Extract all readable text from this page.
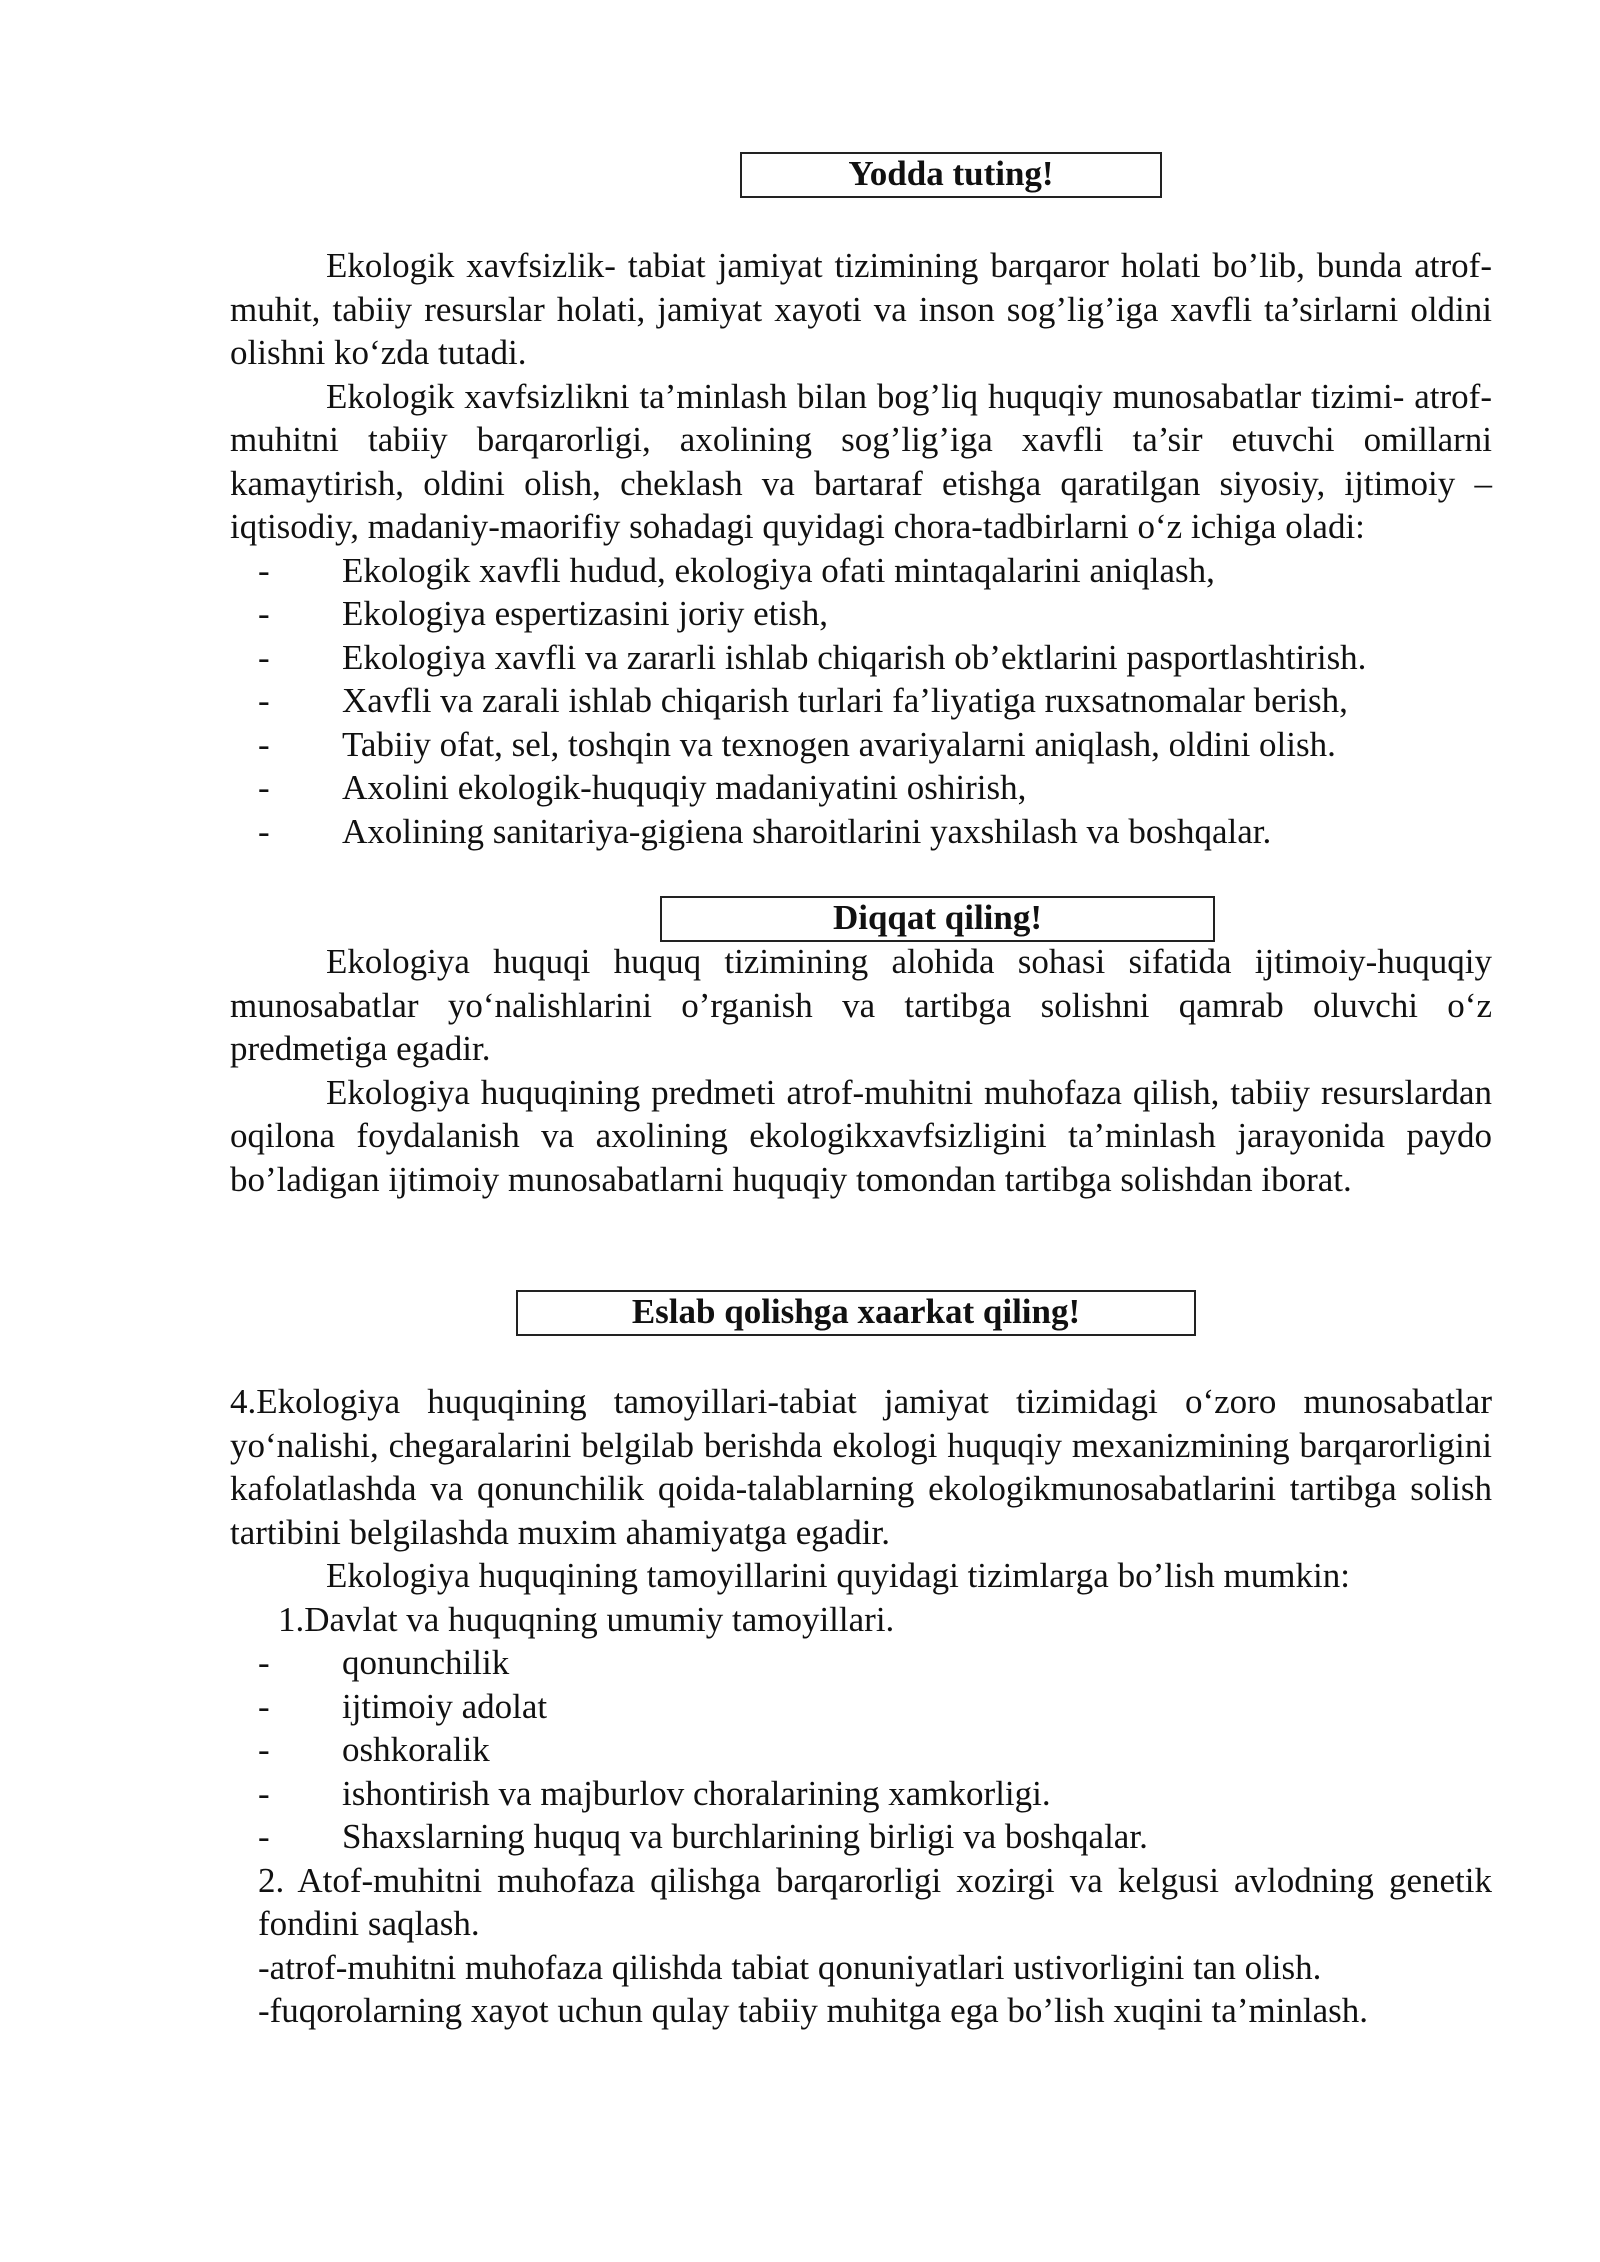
Yodda tuting!

Ekologik xavfsizlik- tabiat jamiyat tizimining barqaror holati bo’lib, bunda atrof-muhit, tabiiy resurslar holati, jamiyat xayoti va inson sog’lig’iga xavfli ta’sirlarni oldini olishni ko‘zda tutadi.

Ekologik xavfsizlikni ta’minlash bilan bog’liq huquqiy munosabatlar tizimi- atrof-muhitni tabiiy barqarorligi, axolining sog’lig’iga xavfli ta’sir etuvchi omillarni kamaytirish, oldini olish, cheklash va bartaraf etishga qaratilgan siyosiy, ijtimoiy –iqtisodiy, madaniy-maorifiy sohadagi quyidagi chora-tadbirlarni o‘z ichiga oladi:

- Ekologik xavfli hudud, ekologiya ofati mintaqalarini aniqlash,
- Ekologiya espertizasini joriy etish,
- Ekologiya xavfli va zararli ishlab chiqarish ob’ektlarini pasportlashtirish.
- Xavfli va zarali ishlab chiqarish turlari fa’liyatiga ruxsatnomalar berish,
- Tabiiy ofat, sel, toshqin va texnogen avariyalarni aniqlash, oldini olish.
- Axolini ekologik-huquqiy madaniyatini oshirish,
- Axolining sanitariya-gigiena sharoitlarini yaxshilash va boshqalar.
Diqqat qiling!

Ekologiya huquqi huquq tizimining alohida sohasi sifatida ijtimoiy-huquqiy munosabatlar yo‘nalishlarini o’rganish va tartibga solishni qamrab oluvchi o‘z predmetiga egadir.

Ekologiya huquqining predmeti atrof-muhitni muhofaza qilish, tabiiy resurslardan oqilona foydalanish va axolining ekologikxavfsizligini ta’minlash jarayonida paydo bo’ladigan ijtimoiy munosabatlarni huquqiy tomondan tartibga solishdan iborat.

Eslab qolishga xaarkat qiling!

4.Ekologiya huquqining tamoyillari-tabiat jamiyat tizimidagi o‘zoro munosabatlar yo‘nalishi, chegaralarini belgilab berishda ekologi huquqiy mexanizmining barqarorligini kafolatlashda va qonunchilik qoida-talablarning ekologikmunosabatlarini tartibga solish tartibini belgilashda muxim ahamiyatga egadir.

Ekologiya huquqining tamoyillarini quyidagi tizimlarga bo’lish mumkin:

1.Davlat va huquqning umumiy tamoyillari.

- qonunchilik
- ijtimoiy adolat
- oshkoralik
- ishontirish va majburlov choralarining xamkorligi.
- Shaxslarning huquq va burchlarining birligi va boshqalar.

2. Atof-muhitni muhofaza qilishga barqarorligi xozirgi va kelgusi avlodning genetik fondini saqlash.

-atrof-muhitni muhofaza qilishda tabiat qonuniyatlari ustivorligini tan olish.

-fuqorolarning xayot uchun qulay tabiiy muhitga ega bo’lish xuqini ta’minlash.
